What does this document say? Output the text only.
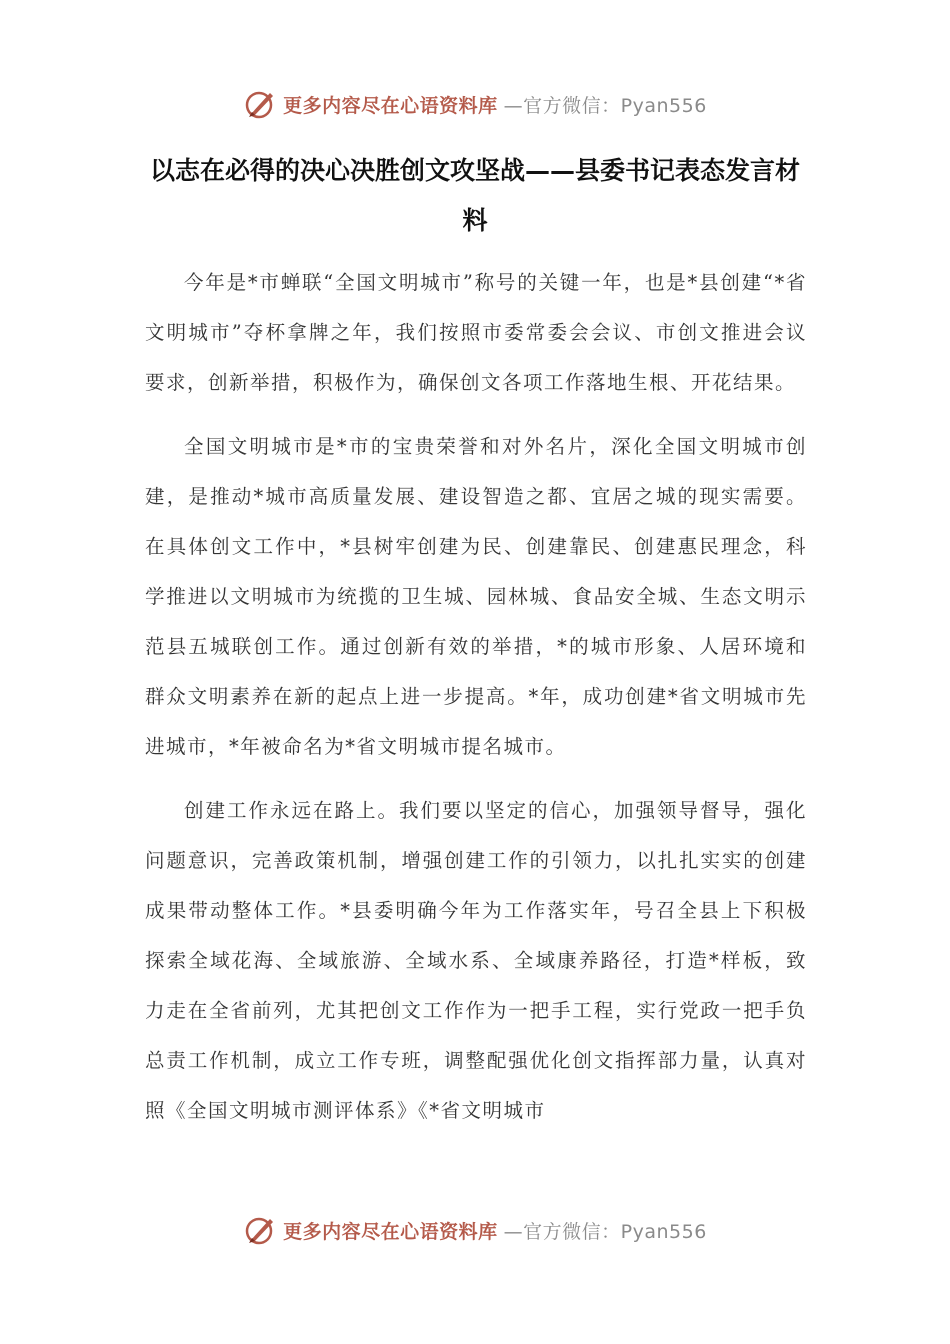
更多内容尽在心语资料库 —官方微信：Pyan556
以志在必得的决心决胜创文攻坚战——县委书记表态发言材料

今年是*市蝉联“全国文明城市”称号的关键一年，也是*县创建“*省文明城市”夺杯拿牌之年，我们按照市委常委会会议、市创文推进会议要求，创新举措，积极作为，确保创文各项工作落地生根、开花结果。

全国文明城市是*市的宝贵荣誉和对外名片，深化全国文明城市创建，是推动*城市高质量发展、建设智造之都、宜居之城的现实需要。在具体创文工作中，*县树牢创建为民、创建靠民、创建惠民理念，科学推进以文明城市为统揽的卫生城、园林城、食品安全城、生态文明示范县五城联创工作。通过创新有效的举措，*的城市形象、人居环境和群众文明素养在新的起点上进一步提高。*年，成功创建*省文明城市先进城市，*年被命名为*省文明城市提名城市。

创建工作永远在路上。我们要以坚定的信心，加强领导督导，强化问题意识，完善政策机制，增强创建工作的引领力，以扎扎实实的创建成果带动整体工作。*县委明确今年为工作落实年，号召全县上下积极探索全域花海、全域旅游、全域水系、全域康养路径，打造*样板，致力走在全省前列，尤其把创文工作作为一把手工程，实行党政一把手负总责工作机制，成立工作专班，调整配强优化创文指挥部力量，认真对照《全国文明城市测评体系》《*省文明城市

更多内容尽在心语资料库 —官方微信：Pyan556
